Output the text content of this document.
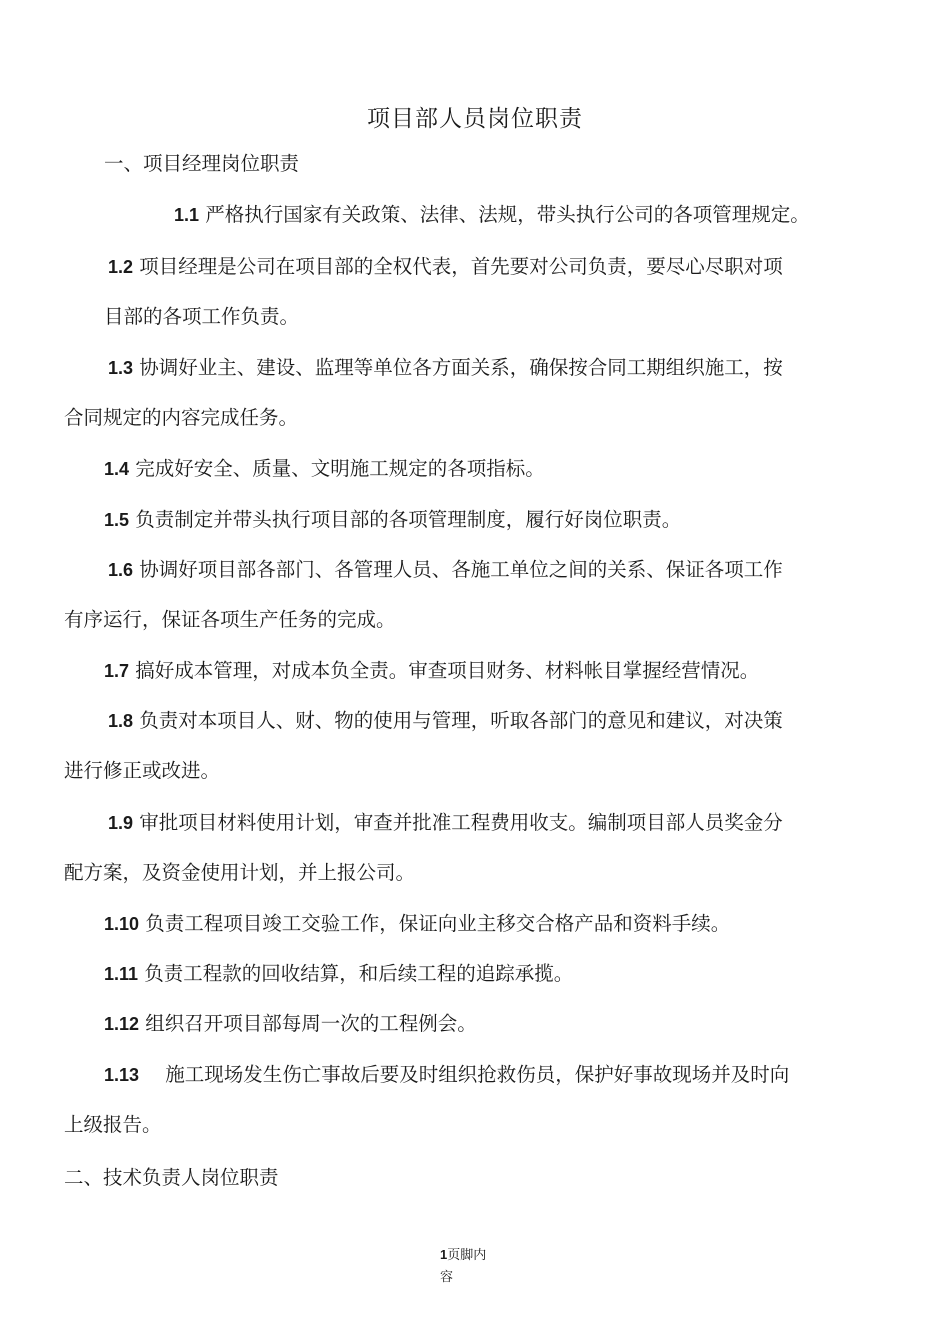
项目部人员岗位职责
一、项目经理岗位职责
1.1 严格执行国家有关政策、法律、法规，带头执行公司的各项管理规定。
1.2 项目经理是公司在项目部的全权代表，首先要对公司负责，要尽心尽职对项
目部的各项工作负责。
1.3 协调好业主、建设、监理等单位各方面关系，确保按合同工期组织施工，按
合同规定的内容完成任务。
1.4 完成好安全、质量、文明施工规定的各项指标。
1.5 负责制定并带头执行项目部的各项管理制度，履行好岗位职责。
1.6 协调好项目部各部门、各管理人员、各施工单位之间的关系、保证各项工作
有序运行，保证各项生产任务的完成。
1.7 搞好成本管理，对成本负全责。审查项目财务、材料帐目掌握经营情况。
1.8 负责对本项目人、财、物的使用与管理，听取各部门的意见和建议，对决策
进行修正或改进。
1.9 审批项目材料使用计划，审查并批准工程费用收支。编制项目部人员奖金分
配方案，及资金使用计划，并上报公司。
1.10 负责工程项目竣工交验工作，保证向业主移交合格产品和资料手续。
1.11 负责工程款的回收结算，和后续工程的追踪承揽。
1.12 组织召开项目部每周一次的工程例会。
1.13 施工现场发生伤亡事故后要及时组织抢救伤员，保护好事故现场并及时向
上级报告。
二、技术负责人岗位职责
1页脚内
容
